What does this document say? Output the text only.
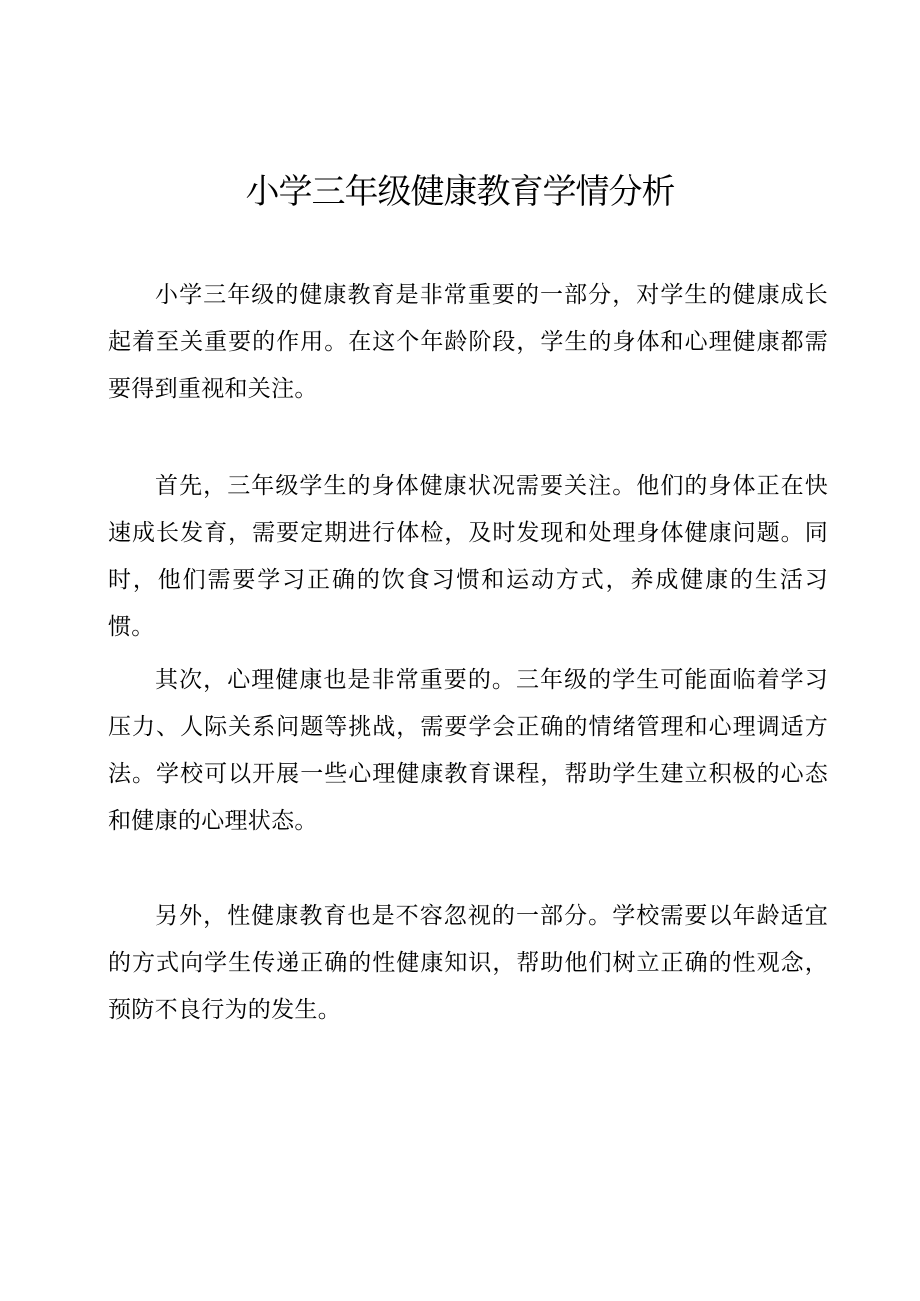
小学三年级健康教育学情分析

小学三年级的健康教育是非常重要的一部分，对学生的健康成长起着至关重要的作用。在这个年龄阶段，学生的身体和心理健康都需要得到重视和关注。

首先，三年级学生的身体健康状况需要关注。他们的身体正在快速成长发育，需要定期进行体检，及时发现和处理身体健康问题。同时，他们需要学习正确的饮食习惯和运动方式，养成健康的生活习惯。

其次，心理健康也是非常重要的。三年级的学生可能面临着学习压力、人际关系问题等挑战，需要学会正确的情绪管理和心理调适方法。学校可以开展一些心理健康教育课程，帮助学生建立积极的心态和健康的心理状态。

另外，性健康教育也是不容忽视的一部分。学校需要以年龄适宜的方式向学生传递正确的性健康知识，帮助他们树立正确的性观念，预防不良行为的发生。
